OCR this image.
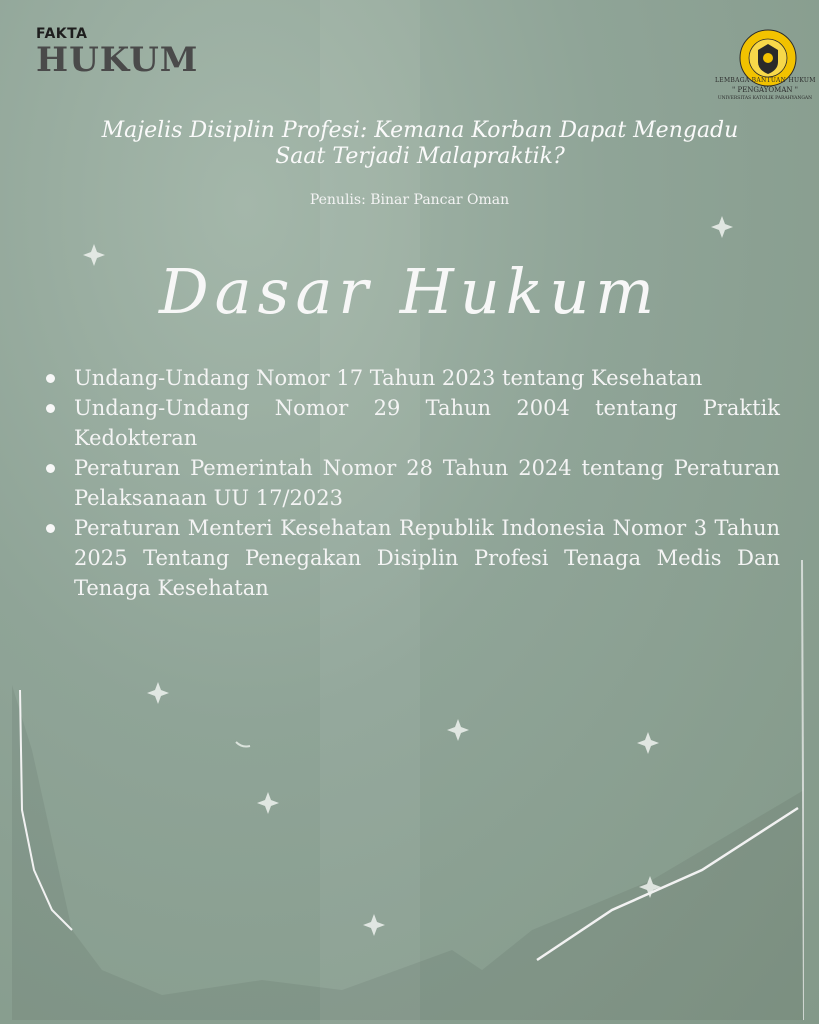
FAKTA
HUKUM
LEMBAGA BANTUAN HUKUM
" PENGAYOMAN "
UNIVERSITAS KATOLIK PARAHYANGAN
Majelis Disiplin Profesi: Kemana Korban Dapat Mengadu
Saat Terjadi Malapraktik?
Penulis: Binar Pancar Oman
Dasar Hukum
Undang-Undang Nomor 17 Tahun 2023 tentang Kesehatan
Undang-Undang Nomor 29 Tahun 2004 tentang Praktik Kedokteran
Peraturan Pemerintah Nomor 28 Tahun 2024 tentang Peraturan Pelaksanaan UU 17/2023
Peraturan Menteri Kesehatan Republik Indonesia Nomor 3 Tahun 2025 Tentang Penegakan Disiplin Profesi Tenaga Medis Dan Tenaga Kesehatan
